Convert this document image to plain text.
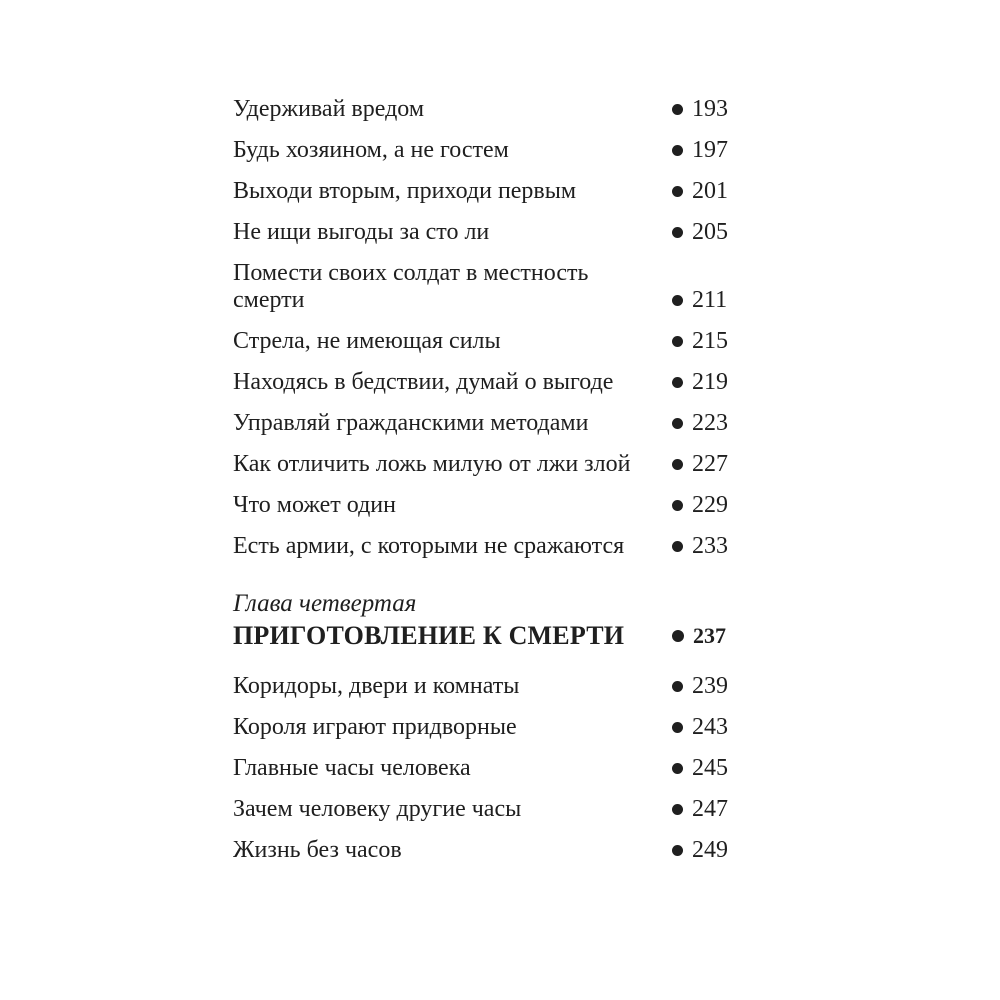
Удерживай вредом	193
Будь хозяином, а не гостем	197
Выходи вторым, приходи первым	201
Не ищи выгоды за сто ли	205
Помести своих солдат в местность смерти	211
Стрела, не имеющая силы	215
Находясь в бедствии, думай о выгоде	219
Управляй гражданскими методами	223
Как отличить ложь милую от лжи злой	227
Что может один	229
Есть армии, с которыми не сражаются	233
Глава четвертая
ПРИГОТОВЛЕНИЕ К СМЕРТИ	237
Коридоры, двери и комнаты	239
Короля играют придворные	243
Главные часы человека	245
Зачем человеку другие часы	247
Жизнь без часов	249
